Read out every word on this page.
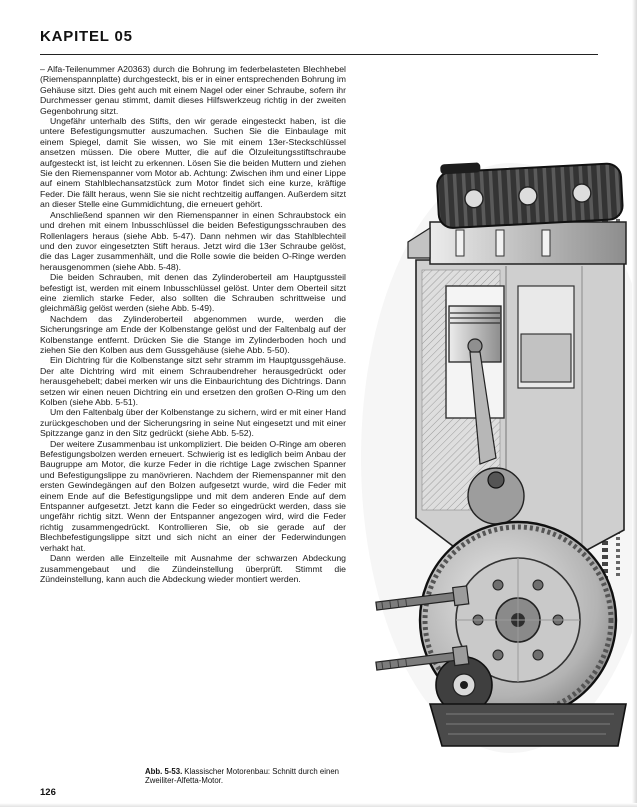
KAPITEL 05

– Alfa-Teilenummer A20363) durch die Bohrung im federbelasteten Blechhebel (Riemenspannplatte) durchgesteckt, bis er in einer entsprechenden Bohrung im Gehäuse sitzt. Dies geht auch mit einem Nagel oder einer Schraube, sofern ihr Durchmesser genau stimmt, damit dieses Hilfswerkzeug richtig in der zweiten Gegenbohrung sitzt.

Ungefähr unterhalb des Stifts, den wir gerade eingesteckt haben, ist die untere Befestigungsmutter auszumachen. Suchen Sie die Einbaulage mit einem Spiegel, damit Sie wissen, wo Sie mit einem 13er-Steckschlüssel ansetzen müssen. Die obere Mutter, die auf die Ölzuleitungsstiftschraube aufgesteckt ist, ist leicht zu erkennen. Lösen Sie die beiden Muttern und ziehen Sie den Riemenspanner vom Motor ab. Achtung: Zwischen ihm und einer Lippe auf einem Stahlblechansatzstück zum Motor findet sich eine kurze, kräftige Feder. Die fällt heraus, wenn Sie sie nicht rechtzeitig auffangen. Außerdem sitzt an dieser Stelle eine Gummidichtung, die erneuert gehört.

Anschließend spannen wir den Riemenspanner in einen Schraubstock ein und drehen mit einem Inbusschlüssel die beiden Befestigungsschrauben des Rollenlagers heraus (siehe Abb. 5-47). Dann nehmen wir das Stahlblechteil und den zuvor eingesetzten Stift heraus. Jetzt wird die 13er Schraube gelöst, die das Lager zusammenhält, und die Rolle sowie die beiden O-Ringe werden herausgenommen (siehe Abb. 5-48).

Die beiden Schrauben, mit denen das Zylinderoberteil am Hauptgussteil befestigt ist, werden mit einem Inbusschlüssel gelöst. Unter dem Oberteil sitzt eine ziemlich starke Feder, also sollten die Schrauben schrittweise und gleichmäßig gelöst werden (siehe Abb. 5-49).

Nachdem das Zylinderoberteil abgenommen wurde, werden die Sicherungsringe am Ende der Kolbenstange gelöst und der Faltenbalg auf der Kolbenstange entfernt. Drücken Sie die Stange im Zylinderboden hoch und ziehen Sie den Kolben aus dem Gussgehäuse (siehe Abb. 5-50).

Ein Dichtring für die Kolbenstange sitzt sehr stramm im Hauptgussgehäuse. Der alte Dichtring wird mit einem Schraubendreher herausgedrückt oder herausgehebelt; dabei merken wir uns die Einbaurichtung des Dichtrings. Dann setzen wir einen neuen Dichtring ein und ersetzen den großen O-Ring um den Kolben (siehe Abb. 5-51).

Um den Faltenbalg über der Kolbenstange zu sichern, wird er mit einer Hand zurückgeschoben und der Sicherungsring in seine Nut eingesetzt und mit einer Spitzzange ganz in den Sitz gedrückt (siehe Abb. 5-52).

Der weitere Zusammenbau ist unkompliziert. Die beiden O-Ringe am oberen Befestigungsbolzen werden erneuert. Schwierig ist es lediglich beim Anbau der Baugruppe am Motor, die kurze Feder in die richtige Lage zwischen Spanner und Befestigungslippe zu manövrieren. Nachdem der Riemenspanner mit den ersten Gewindegängen auf den Bolzen aufgesetzt wurde, wird die Feder mit einem Ende auf die Befestigungslippe und mit dem anderen Ende auf dem Entspanner aufgesetzt. Jetzt kann die Feder so eingedrückt werden, dass sie ungefähr richtig sitzt. Wenn der Entspanner angezogen wird, wird die Feder richtig zusammengedrückt. Kontrollieren Sie, ob sie gerade auf der Blechbefestigungslippe sitzt und sich nicht an einer der Federwindungen verhakt hat.

Dann werden alle Einzelteile mit Ausnahme der schwarzen Abdeckung zusammengebaut und die Zündeinstellung überprüft. Stimmt die Zündeinstellung, kann auch die Abdeckung wieder montiert werden.

Abb. 5-53. Klassischer Motorenbau: Schnitt durch einen Zweiliter-Alfetta-Motor.
126
